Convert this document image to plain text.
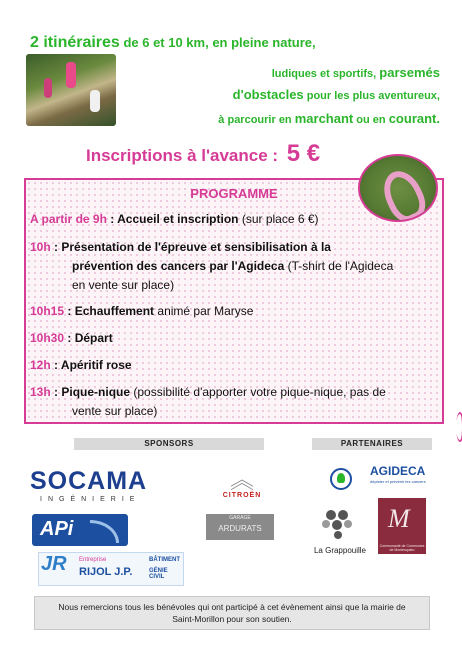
2 itinéraires de 6 et 10 km, en pleine nature,
ludiques et sportifs, parsemés
d'obstacles pour les plus aventureux,
à parcourir en marchant ou en courant.
Inscriptions à l'avance : 5 €
PROGRAMME
A partir de 9h : Accueil et inscription (sur place 6 €)
10h : Présentation de l'épreuve et sensibilisation à la
prévention des cancers par l'Agideca (T-shirt de l'Agideca
en vente sur place)
10h15 : Echauffement animé par Maryse
10h30 : Départ
12h : Apéritif rose
13h : Pique-nique (possibilité d'apporter votre pique-nique, pas de
vente sur place)
SPONSORS	PARTENAIRES
SOCAMA
INGÉNIERIE
︽
CITROËN
APi	GARAGE
ARDURATS
JR Entreprise
RIJOL J.P.
BÂTIMENT
GÉNIE CIVIL
AGIDECA
dépister et prévenir les cancers
La Grappouille
M
Communauté de Communes de Montesquieu
Nous remercions tous les bénévoles qui ont participé à cet évènement ainsi que la mairie de
Saint-Morillon pour son soutien.
